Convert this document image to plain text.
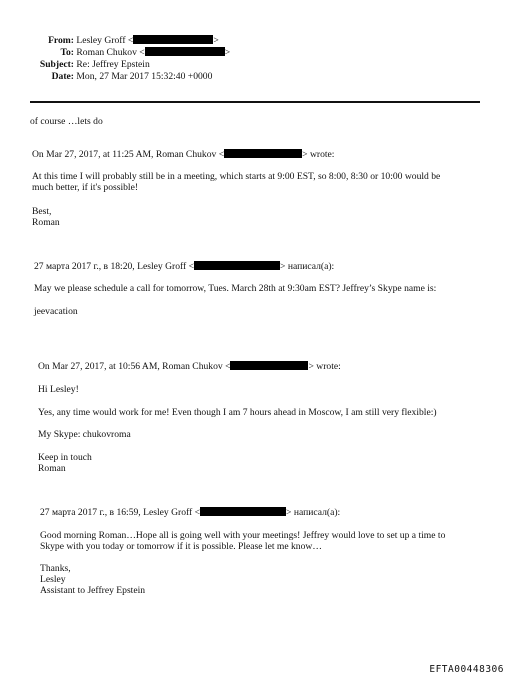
From: Lesley Groff <	>
To: Roman Chukov <	>
Subject: Re: Jeffrey Epstein
Date: Mon, 27 Mar 2017 15:32:40 +0000
of course …lets do
On Mar 27, 2017, at 11:25 AM, Roman Chukov <	> wrote:
At this time I will probably still be in a meeting, which starts at 9:00 EST, so 8:00, 8:30 or 10:00 would be
much better, if it's possible!
Best,
Roman
27 марта 2017 г., в 18:20, Lesley Groff <	> написал(а):
May we please schedule a call for tomorrow, Tues. March 28th at 9:30am EST? Jeffrey’s Skype name is:
jeevacation
On Mar 27, 2017, at 10:56 AM, Roman Chukov <	> wrote:
Hi Lesley!
Yes, any time would work for me! Even though I am 7 hours ahead in Moscow, I am still very flexible:)
My Skype: chukovroma
Keep in touch
Roman
27 марта 2017 г., в 16:59, Lesley Groff <	> написал(а):
Good morning Roman…Hope all is going well with your meetings! Jeffrey would love to set up a time to
Skype with you today or tomorrow if it is possible. Please let me know…
Thanks,
Lesley
Assistant to Jeffrey Epstein
EFTA00448306
